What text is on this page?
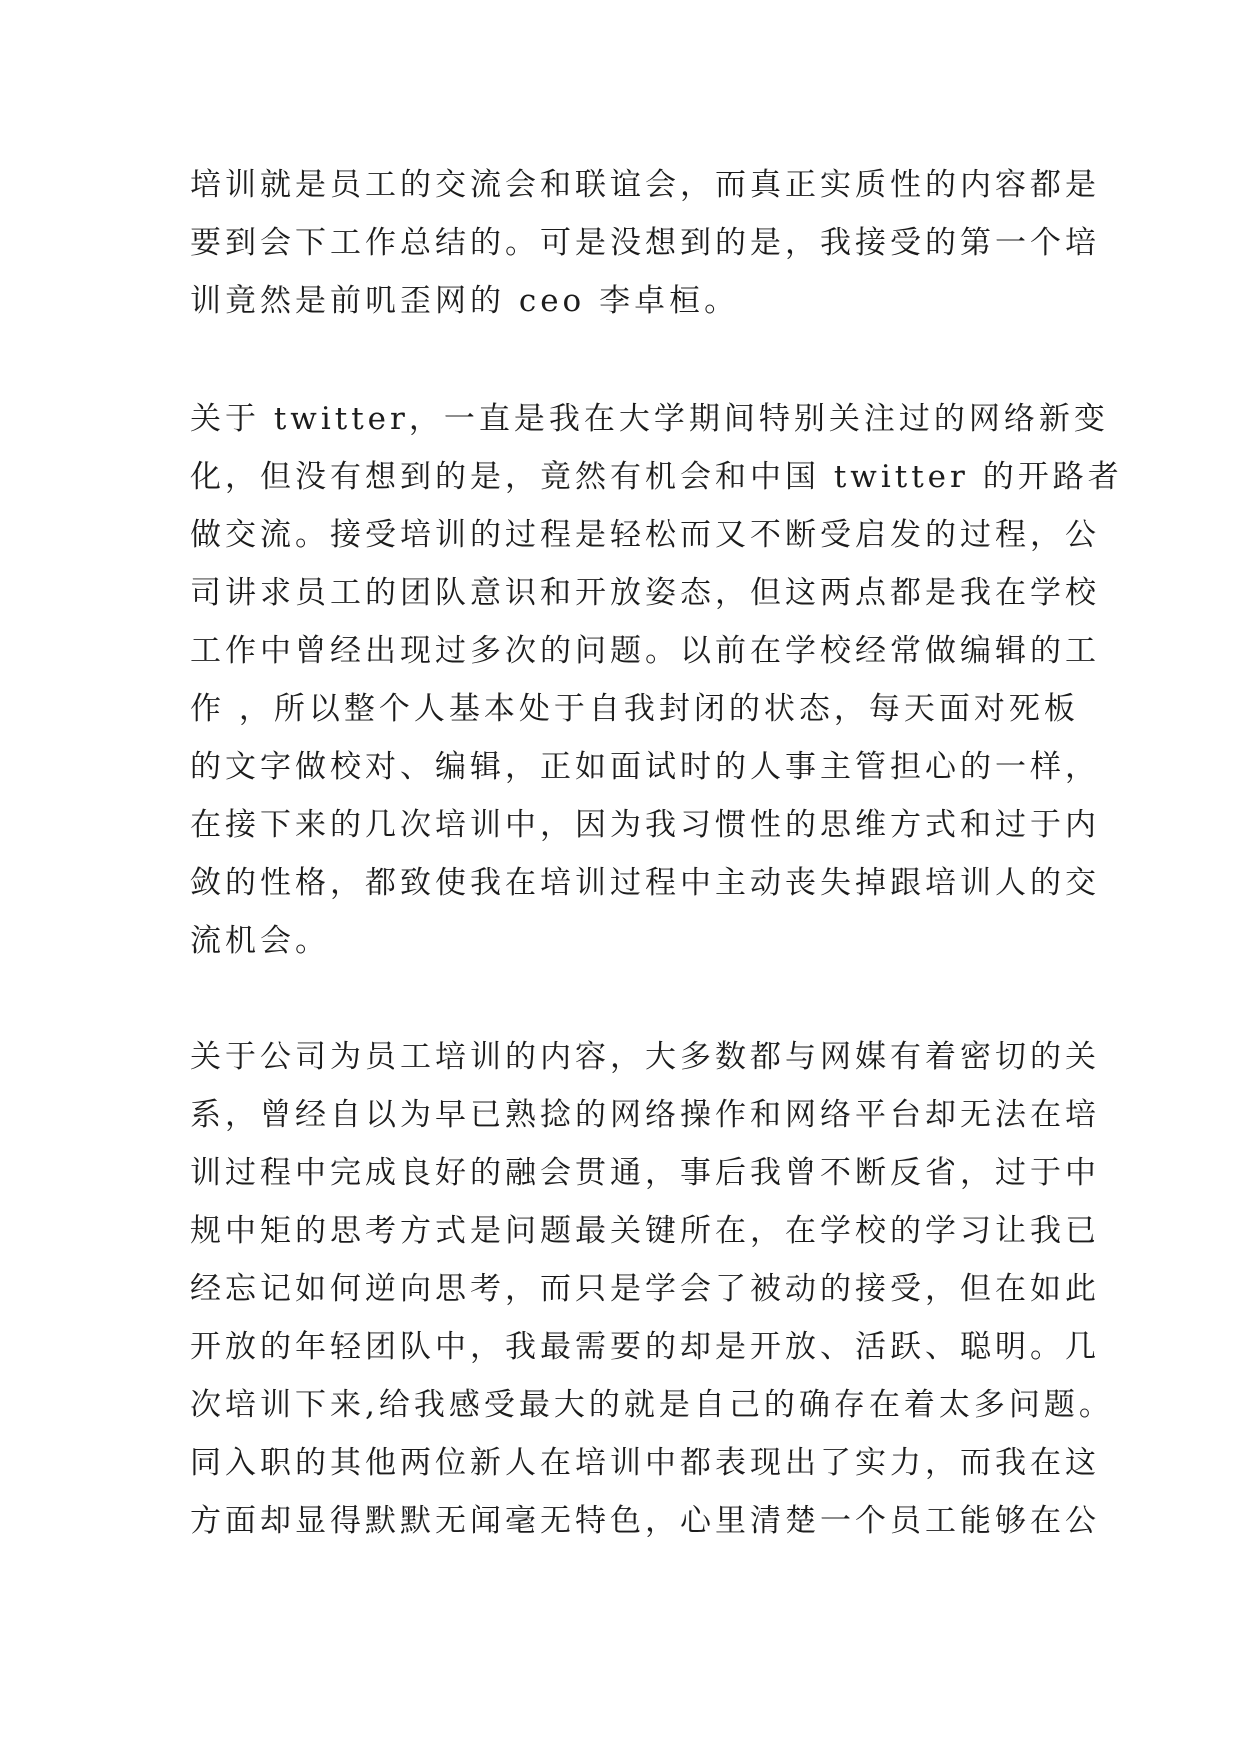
培训就是员工的交流会和联谊会，而真正实质性的内容都是
要到会下工作总结的。可是没想到的是，我接受的第一个培
训竟然是前叽歪网的 ceo 李卓桓。
关于 twitter，一直是我在大学期间特别关注过的网络新变
化，但没有想到的是，竟然有机会和中国 twitter 的开路者
做交流。接受培训的过程是轻松而又不断受启发的过程，公
司讲求员工的团队意识和开放姿态，但这两点都是我在学校
工作中曾经出现过多次的问题。以前在学校经常做编辑的工
作 ，所以整个人基本处于自我封闭的状态，每天面对死板
的文字做校对、编辑，正如面试时的人事主管担心的一样，
在接下来的几次培训中，因为我习惯性的思维方式和过于内
敛的性格，都致使我在培训过程中主动丧失掉跟培训人的交
流机会。
关于公司为员工培训的内容，大多数都与网媒有着密切的关
系，曾经自以为早已熟捻的网络操作和网络平台却无法在培
训过程中完成良好的融会贯通，事后我曾不断反省，过于中
规中矩的思考方式是问题最关键所在，在学校的学习让我已
经忘记如何逆向思考，而只是学会了被动的接受，但在如此
开放的年轻团队中，我最需要的却是开放、活跃、聪明。几
次培训下来,给我感受最大的就是自己的确存在着太多问题。
同入职的其他两位新人在培训中都表现出了实力，而我在这
方面却显得默默无闻毫无特色，心里清楚一个员工能够在公
